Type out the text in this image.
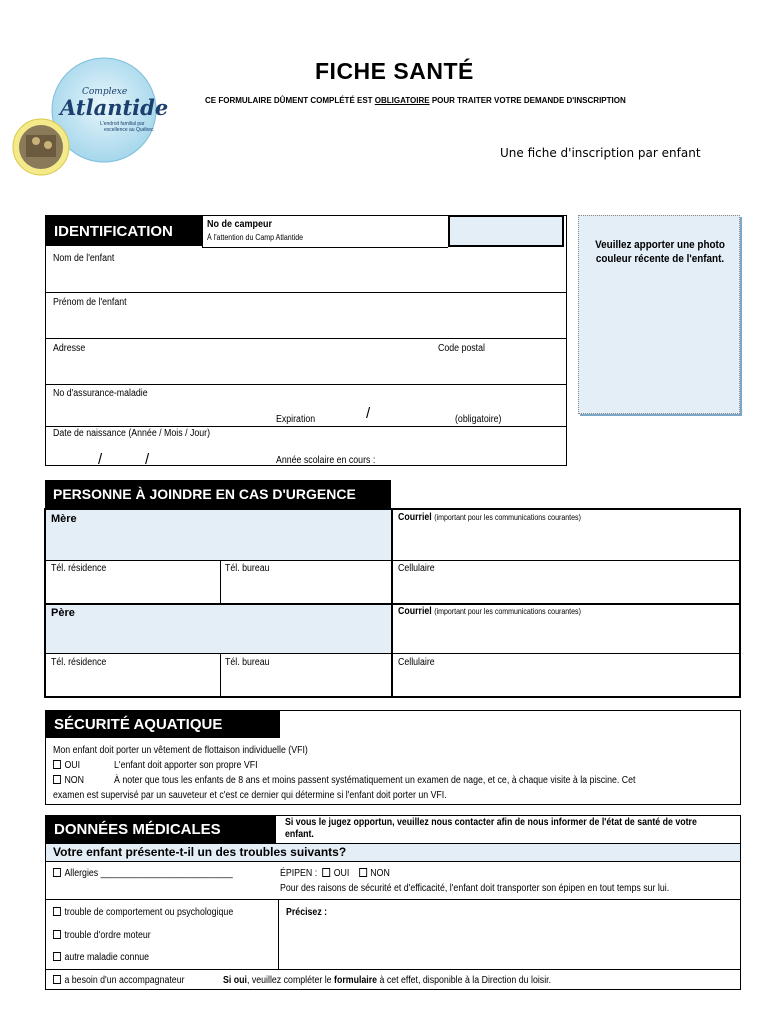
Complexe
Atlantide
L'endroit familial par
excellence au Québec
FICHE SANTÉ
CE FORMULAIRE DÛMENT COMPLÉTÉ EST OBLIGATOIRE POUR TRAITER VOTRE DEMANDE D'INSCRIPTION
Une fiche d'inscription par enfant
IDENTIFICATION	No de campeur
À l'attention du Camp Atlantide
Nom de l'enfant
Prénom de l'enfant
Adresse	Code postal
No d'assurance-maladie
Expiration	/	(obligatoire)
Date de naissance (Année / Mois / Jour)
/	/	Année scolaire en cours :
Veuillez apporter une photo couleur récente de l'enfant.
PERSONNE À JOINDRE EN CAS D'URGENCE
Mère	Courriel (important pour les communications courantes)
Tél. résidence	Tél. bureau	Cellulaire
Père	Courriel (important pour les communications courantes)
Tél. résidence	Tél. bureau	Cellulaire
SÉCURITÉ AQUATIQUE
Mon enfant doit porter un vêtement de flottaison individuelle (VFI)
OUI	L'enfant doit apporter son propre VFI
NON	À noter que tous les enfants de 8 ans et moins passent systématiquement un examen de nage, et ce, à chaque visite à la piscine. Cet
examen est supervisé par un sauveteur et c'est ce dernier qui détermine si l'enfant doit porter un VFI.
DONNÉES MÉDICALES	Si vous le jugez opportun, veuillez nous contacter afin de nous informer de l'état de santé de votre enfant.
Votre enfant présente-t-il un des troubles suivants?
Allergies ___________________________	ÉPIPEN : OUI NON
Pour des raisons de sécurité et d'efficacité, l'enfant doit transporter son épipen en tout temps sur lui.
trouble de comportement ou psychologique	Précisez :
trouble d'ordre moteur
autre maladie connue
a besoin d'un accompagnateur	Si oui, veuillez compléter le formulaire à cet effet, disponible à la Direction du loisir.
